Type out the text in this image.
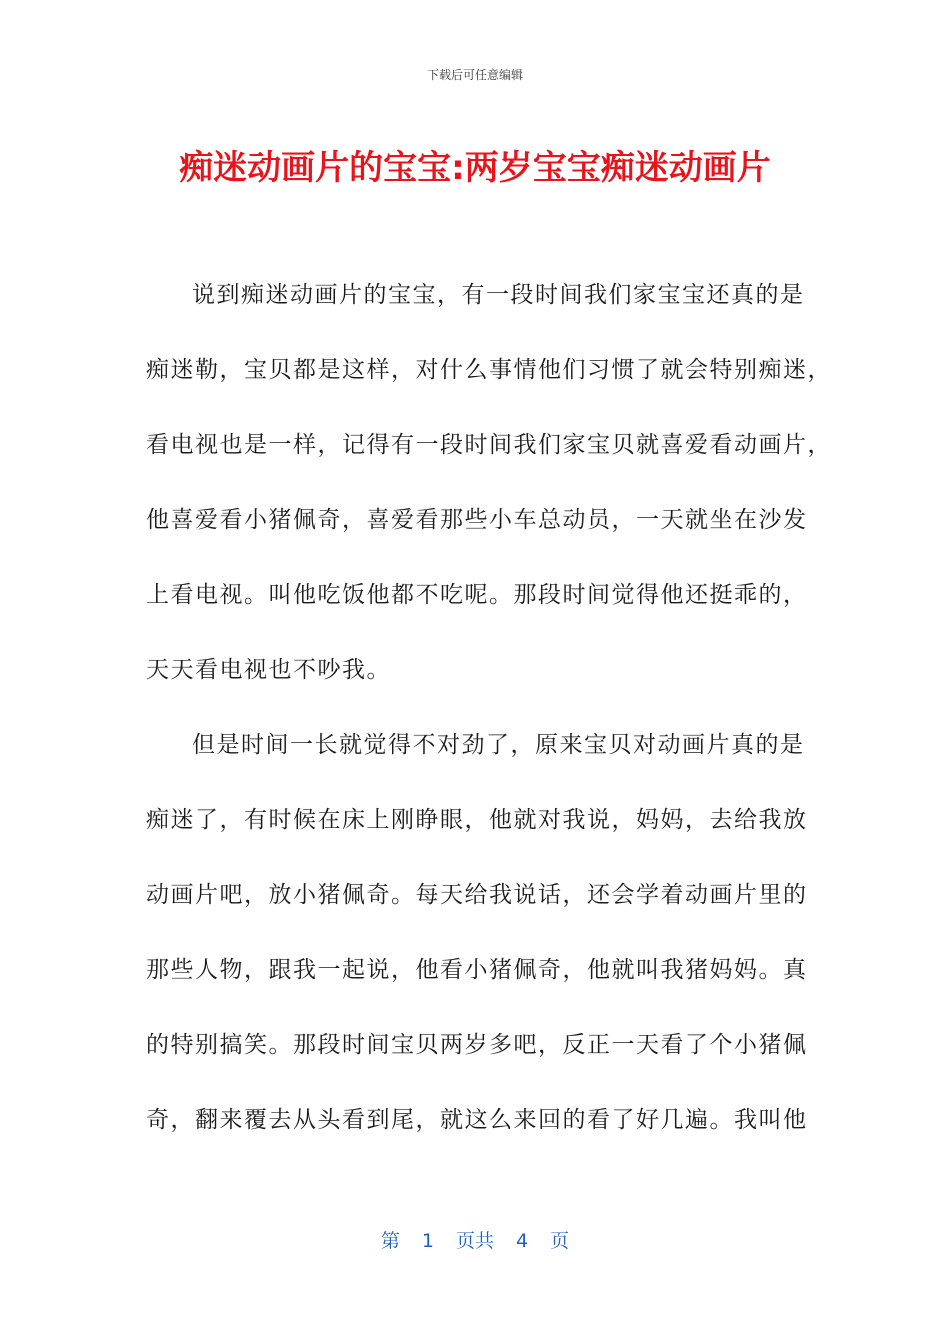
下载后可任意编辑
痴迷动画片的宝宝:两岁宝宝痴迷动画片
说到痴迷动画片的宝宝，有一段时间我们家宝宝还真的是
痴迷勒，宝贝都是这样，对什么事情他们习惯了就会特别痴迷，
看电视也是一样，记得有一段时间我们家宝贝就喜爱看动画片，
他喜爱看小猪佩奇，喜爱看那些小车总动员，一天就坐在沙发
上看电视。叫他吃饭他都不吃呢。那段时间觉得他还挺乖的，
天天看电视也不吵我。
但是时间一长就觉得不对劲了，原来宝贝对动画片真的是
痴迷了，有时候在床上刚睁眼，他就对我说，妈妈，去给我放
动画片吧，放小猪佩奇。每天给我说话，还会学着动画片里的
那些人物，跟我一起说，他看小猪佩奇，他就叫我猪妈妈。真
的特别搞笑。那段时间宝贝两岁多吧，反正一天看了个小猪佩
奇，翻来覆去从头看到尾，就这么来回的看了好几遍。我叫他
第 1 页共 4 页
